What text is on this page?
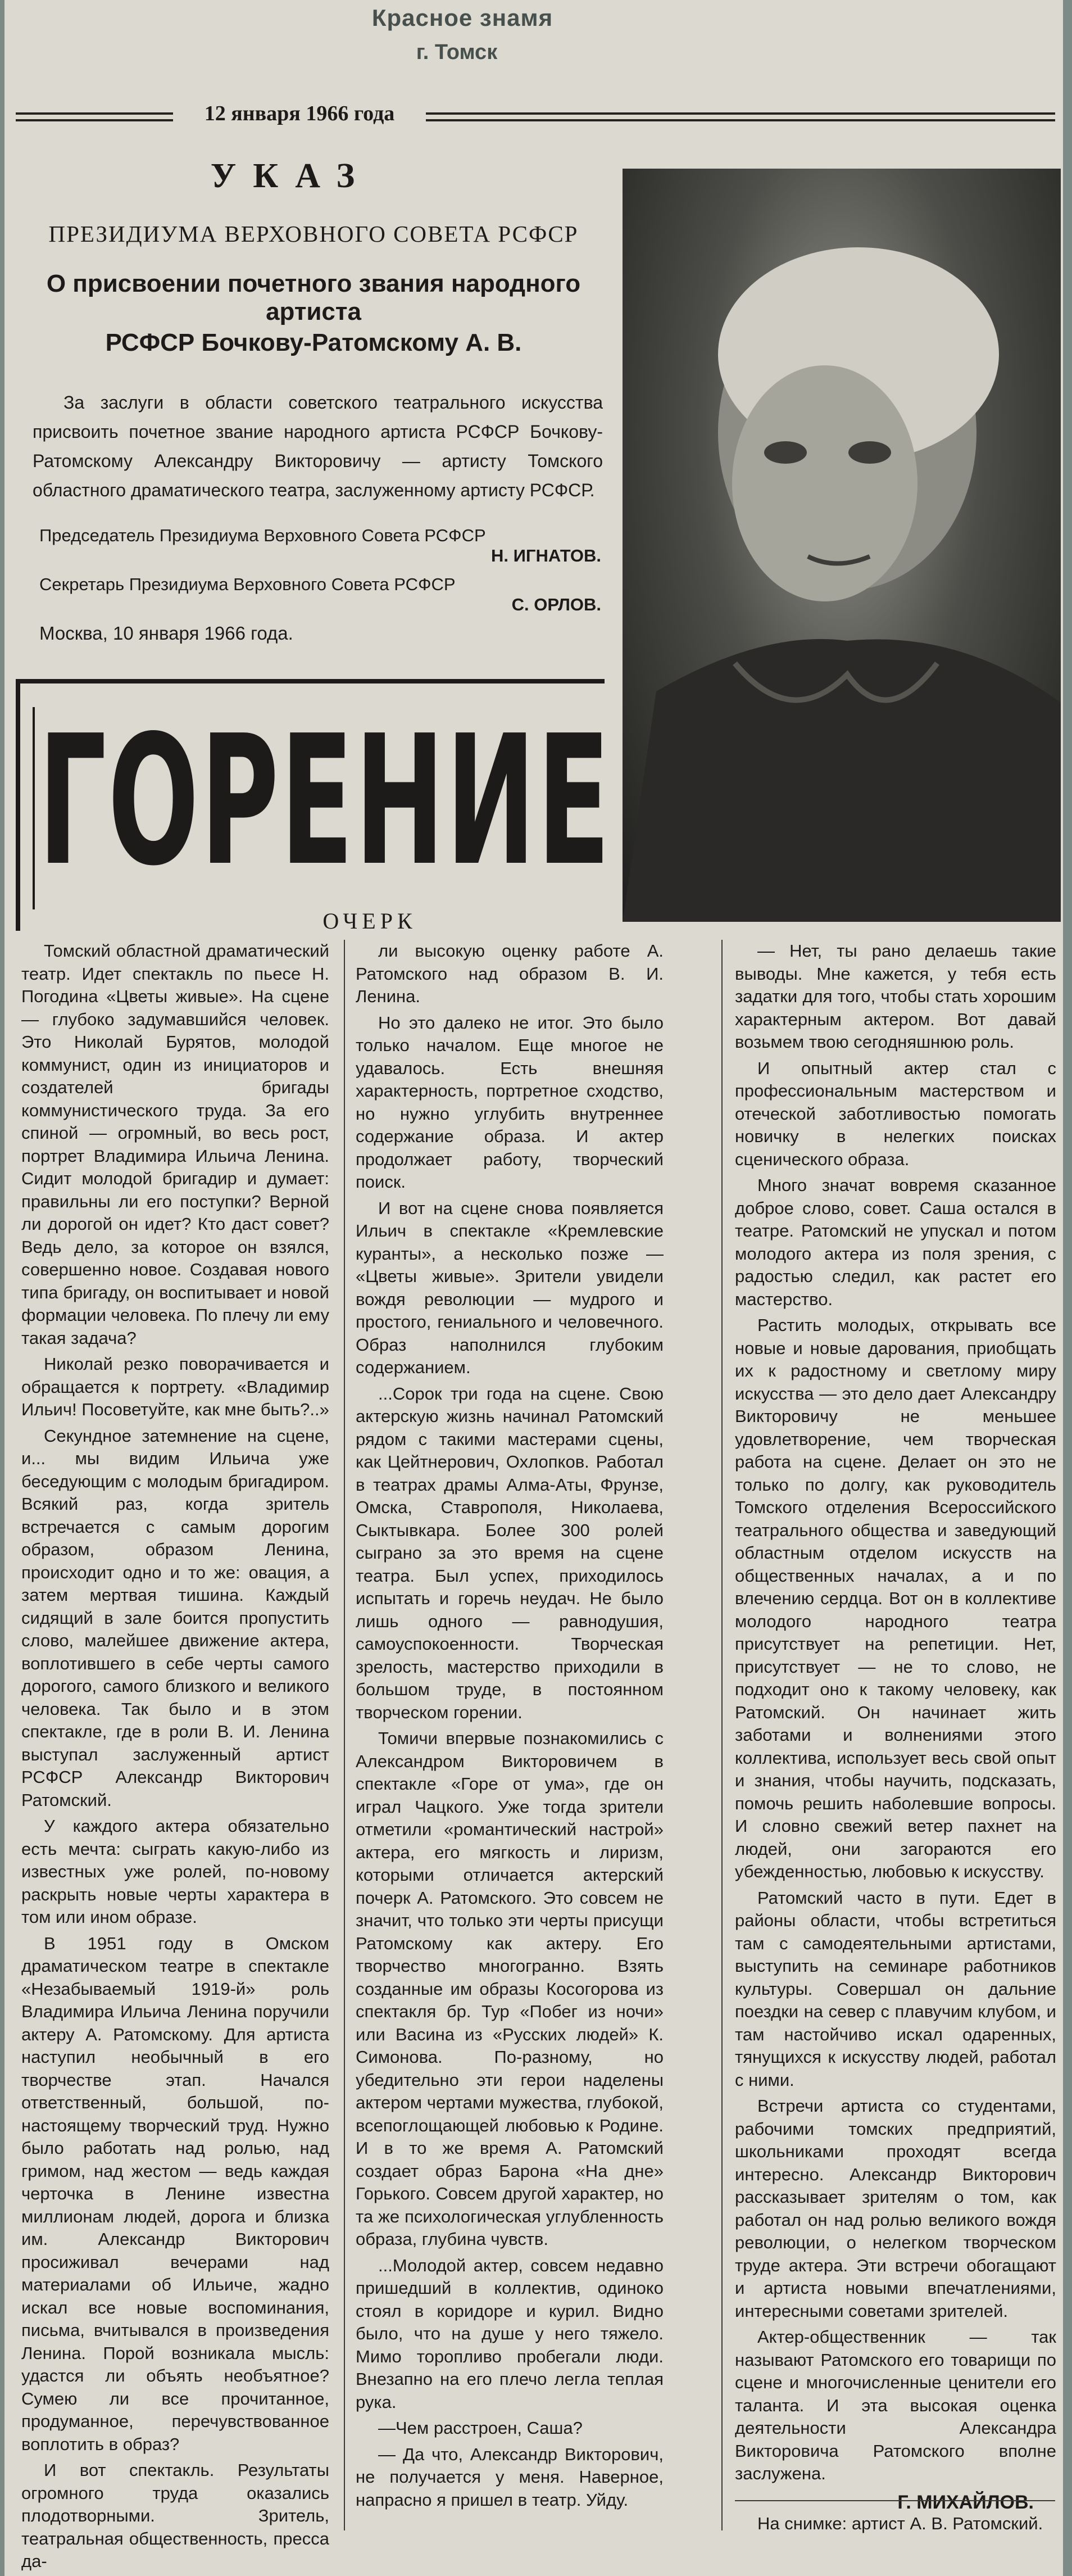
Красное знамя
г. Томск
12 января 1966 года
УКАЗ
ПРЕЗИДИУМА ВЕРХОВНОГО СОВЕТА РСФСР
О присвоении почетного звания народного артиста
РСФСР Бочкову-Ратомскому А. В.

За заслуги в области советского театрального искусства присвоить почетное звание народного артиста РСФСР Бочкову-Ратомскому Александру Викторовичу — артисту Томского областного драматического театра, заслуженному артисту РСФСР.

Председатель Президиума Верховного Совета РСФСР
Н. ИГНАТОВ.
Секретарь Президиума Верховного Совета РСФСР
С. ОРЛОВ.
Москва, 10 января 1966 года.
ГОРЕНИЕ
ОЧЕРК

Томский областной драматический театр. Идет спектакль по пьесе Н. Погодина «Цветы живые». На сцене — глубоко задумавшийся человек. Это Николай Бурятов, молодой коммунист, один из инициаторов и создателей бригады коммунистического труда. За его спиной — огромный, во весь рост, портрет Владимира Ильича Ленина. Сидит молодой бригадир и думает: правильны ли его поступки? Верной ли дорогой он идет? Кто даст совет? Ведь дело, за которое он взялся, совершенно новое. Создавая нового типа бригаду, он воспитывает и новой формации человека. По плечу ли ему такая задача?

Николай резко поворачивается и обращается к портрету. «Владимир Ильич! Посоветуйте, как мне быть?..»

Секундное затемнение на сцене, и... мы видим Ильича уже беседующим с молодым бригадиром. Всякий раз, когда зритель встречается с самым дорогим образом, образом Ленина, происходит одно и то же: овация, а затем мертвая тишина. Каждый сидящий в зале боится пропустить слово, малейшее движение актера, воплотившего в себе черты самого дорогого, самого близкого и великого человека. Так было и в этом спектакле, где в роли В. И. Ленина выступал заслуженный артист РСФСР Александр Викторович Ратомский.

У каждого актера обязательно есть мечта: сыграть какую-либо из известных уже ролей, по-новому раскрыть новые черты характера в том или ином образе.

В 1951 году в Омском драматическом театре в спектакле «Незабываемый 1919-й» роль Владимира Ильича Ленина поручили актеру А. Ратомскому. Для артиста наступил необычный в его творчестве этап. Начался ответственный, большой, по-настоящему творческий труд. Нужно было работать над ролью, над гримом, над жестом — ведь каждая черточка в Ленине известна миллионам людей, дорога и близка им. Александр Викторович просиживал вечерами над материалами об Ильиче, жадно искал все новые воспоминания, письма, вчитывался в произведения Ленина. Порой возникала мысль: удастся ли объять необъятное? Сумею ли все прочитанное, продуманное, перечувствованное воплотить в образ?

И вот спектакль. Результаты огромного труда оказались плодотворными. Зритель, театральная общественность, пресса да-

ли высокую оценку работе А. Ратомского над образом В. И. Ленина.

Но это далеко не итог. Это было только началом. Еще многое не удавалось. Есть внешняя характерность, портретное сходство, но нужно углубить внутреннее содержание образа. И актер продолжает работу, творческий поиск.

И вот на сцене снова появляется Ильич в спектакле «Кремлевские куранты», а несколько позже — «Цветы живые». Зрители увидели вождя революции — мудрого и простого, гениального и человечного. Образ наполнился глубоким содержанием.

...Сорок три года на сцене. Свою актерскую жизнь начинал Ратомский рядом с такими мастерами сцены, как Цейтнерович, Охлопков. Работал в театрах драмы Алма-Аты, Фрунзе, Омска, Ставрополя, Николаева, Сыктывкара. Более 300 ролей сыграно за это время на сцене театра. Был успех, приходилось испытать и горечь неудач. Не было лишь одного — равнодушия, самоуспокоенности. Творческая зрелость, мастерство приходили в большом труде, в постоянном творческом горении.

Томичи впервые познакомились с Александром Викторовичем в спектакле «Горе от ума», где он играл Чацкого. Уже тогда зрители отметили «романтический настрой» актера, его мягкость и лиризм, которыми отличается актерский почерк А. Ратомского. Это совсем не значит, что только эти черты присущи Ратомскому как актеру. Его творчество многогранно. Взять созданные им образы Косогорова из спектакля бр. Тур «Побег из ночи» или Васина из «Русских людей» К. Симонова. По-разному, но убедительно эти герои наделены актером чертами мужества, глубокой, всепоглощающей любовью к Родине. И в то же время А. Ратомский создает образ Барона «На дне» Горького. Совсем другой характер, но та же психологическая углубленность образа, глубина чувств.

...Молодой актер, совсем недавно пришедший в коллектив, одиноко стоял в коридоре и курил. Видно было, что на душе у него тяжело. Мимо торопливо пробегали люди. Внезапно на его плечо легла теплая рука.

—Чем расстроен, Саша?

— Да что, Александр Викторович, не получается у меня. Наверное, напрасно я пришел в театр. Уйду.

— Нет, ты рано делаешь такие выводы. Мне кажется, у тебя есть задатки для того, чтобы стать хорошим характерным актером. Вот давай возьмем твою сегодняшнюю роль.

И опытный актер стал с профессиональным мастерством и отеческой заботливостью помогать новичку в нелегких поисках сценического образа.

Много значат вовремя сказанное доброе слово, совет. Саша остался в театре. Ратомский не упускал и потом молодого актера из поля зрения, с радостью следил, как растет его мастерство.

Растить молодых, открывать все новые и новые дарования, приобщать их к радостному и светлому миру искусства — это дело дает Александру Викторовичу не меньшее удовлетворение, чем творческая работа на сцене. Делает он это не только по долгу, как руководитель Томского отделения Всероссийского театрального общества и заведующий областным отделом искусств на общественных началах, а и по влечению сердца. Вот он в коллективе молодого народного театра присутствует на репетиции. Нет, присутствует — не то слово, не подходит оно к такому человеку, как Ратомский. Он начинает жить заботами и волнениями этого коллектива, использует весь свой опыт и знания, чтобы научить, подсказать, помочь решить наболевшие вопросы. И словно свежий ветер пахнет на людей, они загораются его убежденностью, любовью к искусству.

Ратомский часто в пути. Едет в районы области, чтобы встретиться там с самодеятельными артистами, выступить на семинаре работников культуры. Совершал он дальние поездки на север с плавучим клубом, и там настойчиво искал одаренных, тянущихся к искусству людей, работал с ними.

Встречи артиста со студентами, рабочими томских предприятий, школьниками проходят всегда интересно. Александр Викторович рассказывает зрителям о том, как работал он над ролью великого вождя революции, о нелегком творческом труде актера. Эти встречи обогащают и артиста новыми впечатлениями, интересными советами зрителей.

Актер-общественник — так называют Ратомского его товарищи по сцене и многочисленные ценители его таланта. И эта высокая оценка деятельности Александра Викторовича Ратомского вполне заслужена.

Г. МИХАЙЛОВ.
На снимке: артист А. В. Ратомский.
